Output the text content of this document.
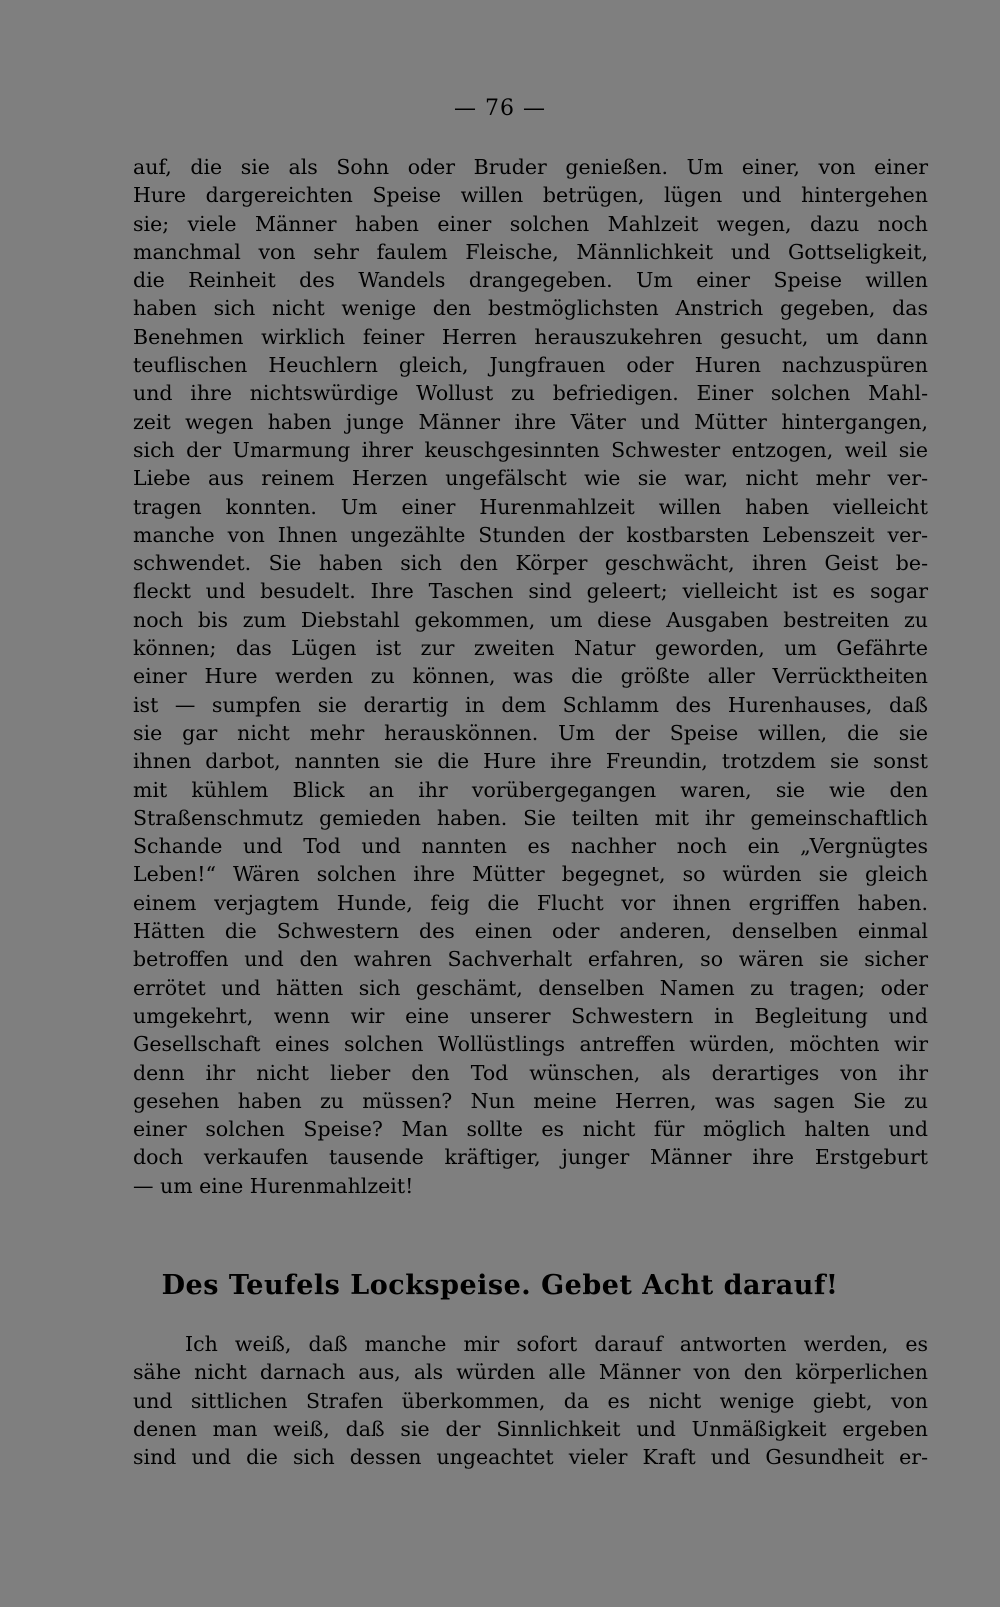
— 76 —
auf, die sie als Sohn oder Bruder genießen. Um einer, von einer
Hure dargereichten Speise willen betrügen, lügen und hintergehen
sie; viele Männer haben einer solchen Mahlzeit wegen, dazu noch
manchmal von sehr faulem Fleische, Männlichkeit und Gottseligkeit,
die Reinheit des Wandels drangegeben. Um einer Speise willen
haben sich nicht wenige den bestmöglichsten Anstrich gegeben, das
Benehmen wirklich feiner Herren herauszukehren gesucht, um dann
teuflischen Heuchlern gleich, Jungfrauen oder Huren nachzuspüren
und ihre nichtswürdige Wollust zu befriedigen. Einer solchen Mahl-
zeit wegen haben junge Männer ihre Väter und Mütter hintergangen,
sich der Umarmung ihrer keuschgesinnten Schwester entzogen, weil sie
Liebe aus reinem Herzen ungefälscht wie sie war, nicht mehr ver-
tragen konnten. Um einer Hurenmahlzeit willen haben vielleicht
manche von Ihnen ungezählte Stunden der kostbarsten Lebenszeit ver-
schwendet. Sie haben sich den Körper geschwächt, ihren Geist be-
fleckt und besudelt. Ihre Taschen sind geleert; vielleicht ist es sogar
noch bis zum Diebstahl gekommen, um diese Ausgaben bestreiten zu
können; das Lügen ist zur zweiten Natur geworden, um Gefährte
einer Hure werden zu können, was die größte aller Verrücktheiten
ist — sumpfen sie derartig in dem Schlamm des Hurenhauses, daß
sie gar nicht mehr herauskönnen. Um der Speise willen, die sie
ihnen darbot, nannten sie die Hure ihre Freundin, trotzdem sie sonst
mit kühlem Blick an ihr vorübergegangen waren, sie wie den
Straßenschmutz gemieden haben. Sie teilten mit ihr gemeinschaftlich
Schande und Tod und nannten es nachher noch ein „Vergnügtes
Leben!“ Wären solchen ihre Mütter begegnet, so würden sie gleich
einem verjagtem Hunde, feig die Flucht vor ihnen ergriffen haben.
Hätten die Schwestern des einen oder anderen, denselben einmal
betroffen und den wahren Sachverhalt erfahren, so wären sie sicher
errötet und hätten sich geschämt, denselben Namen zu tragen; oder
umgekehrt, wenn wir eine unserer Schwestern in Begleitung und
Gesellschaft eines solchen Wollüstlings antreffen würden, möchten wir
denn ihr nicht lieber den Tod wünschen, als derartiges von ihr
gesehen haben zu müssen? Nun meine Herren, was sagen Sie zu
einer solchen Speise? Man sollte es nicht für möglich halten und
doch verkaufen tausende kräftiger, junger Männer ihre Erstgeburt
— um eine Hurenmahlzeit!
Des Teufels Lockspeise. Gebet Acht darauf!
Ich weiß, daß manche mir sofort darauf antworten werden, es
sähe nicht darnach aus, als würden alle Männer von den körperlichen
und sittlichen Strafen überkommen, da es nicht wenige giebt, von
denen man weiß, daß sie der Sinnlichkeit und Unmäßigkeit ergeben
sind und die sich dessen ungeachtet vieler Kraft und Gesundheit er-
